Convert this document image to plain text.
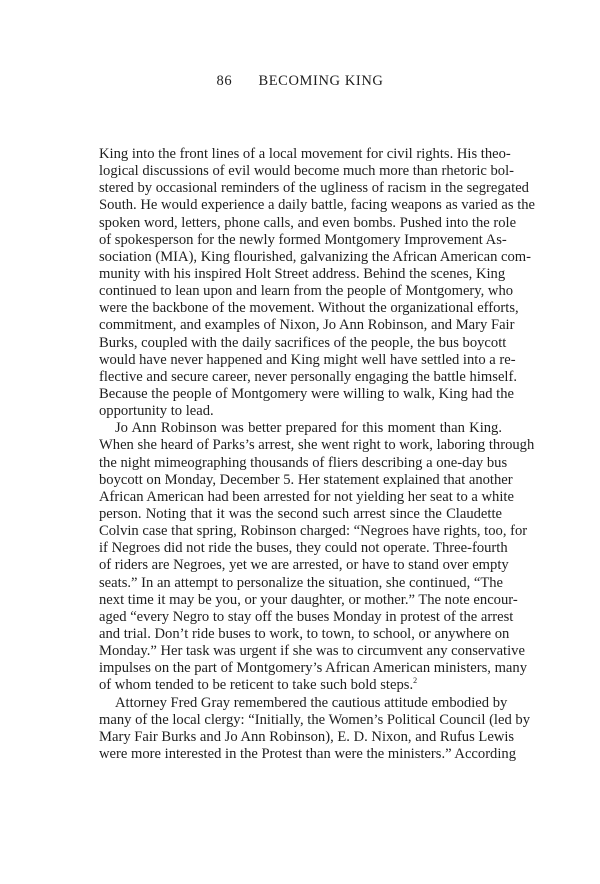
86 BECOMING KING
King into the front lines of a local movement for civil rights. His theo-
logical discussions of evil would become much more than rhetoric bol-
stered by occasional reminders of the ugliness of racism in the segregated
South. He would experience a daily battle, facing weapons as varied as the
spoken word, letters, phone calls, and even bombs. Pushed into the role
of spokesperson for the newly formed Montgomery Improvement As-
sociation (MIA), King flourished, galvanizing the African American com-
munity with his inspired Holt Street address. Behind the scenes, King
continued to lean upon and learn from the people of Montgomery, who
were the backbone of the movement. Without the organizational efforts,
commitment, and examples of Nixon, Jo Ann Robinson, and Mary Fair
Burks, coupled with the daily sacrifices of the people, the bus boycott
would have never happened and King might well have settled into a re-
flective and secure career, never personally engaging the battle himself.
Because the people of Montgomery were willing to walk, King had the
opportunity to lead.
Jo Ann Robinson was better prepared for this moment than King.
When she heard of Parks’s arrest, she went right to work, laboring through
the night mimeographing thousands of fliers describing a one-day bus
boycott on Monday, December 5. Her statement explained that another
African American had been arrested for not yielding her seat to a white
person. Noting that it was the second such arrest since the Claudette
Colvin case that spring, Robinson charged: “Negroes have rights, too, for
if Negroes did not ride the buses, they could not operate. Three-fourth
of riders are Negroes, yet we are arrested, or have to stand over empty
seats.” In an attempt to personalize the situation, she continued, “The
next time it may be you, or your daughter, or mother.” The note encour-
aged “every Negro to stay off the buses Monday in protest of the arrest
and trial. Don’t ride buses to work, to town, to school, or anywhere on
Monday.” Her task was urgent if she was to circumvent any conservative
impulses on the part of Montgomery’s African American ministers, many
of whom tended to be reticent to take such bold steps.$^2$
Attorney Fred Gray remembered the cautious attitude embodied by
many of the local clergy: “Initially, the Women’s Political Council (led by
Mary Fair Burks and Jo Ann Robinson), E. D. Nixon, and Rufus Lewis
were more interested in the Protest than were the ministers.” According
